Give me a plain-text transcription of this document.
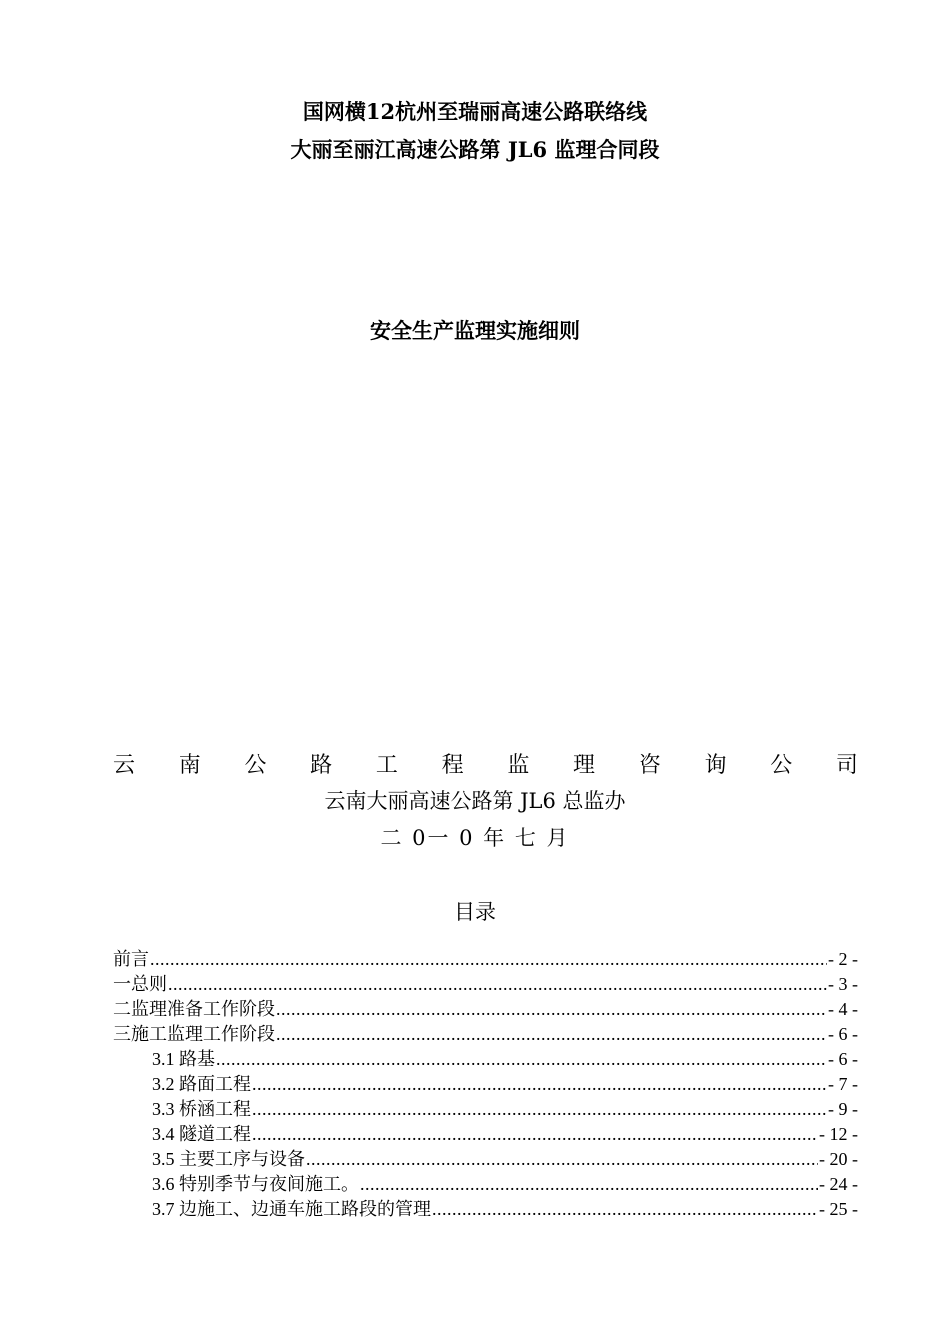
国网横12杭州至瑞丽高速公路联络线
大丽至丽江高速公路第 JL6 监理合同段
安全生产监理实施细则
云 南 公 路 工 程 监 理 咨 询 公 司
云南大丽高速公路第 JL6 总监办
二 0一 0 年 七 月
目录
前言 .....	- 2 -
一总则 .....	- 3 -
二监理准备工作阶段 .....	- 4 -
三施工监理工作阶段 .....	- 6 -
3.1 路基 .....	- 6 -
3.2 路面工程 .....	- 7 -
3.3 桥涵工程 .....	- 9 -
3.4 隧道工程 .....	- 12 -
3.5 主要工序与设备 .....	- 20 -
3.6 特别季节与夜间施工。 .....	- 24 -
3.7 边施工、边通车施工路段的管理 .....	- 25 -
